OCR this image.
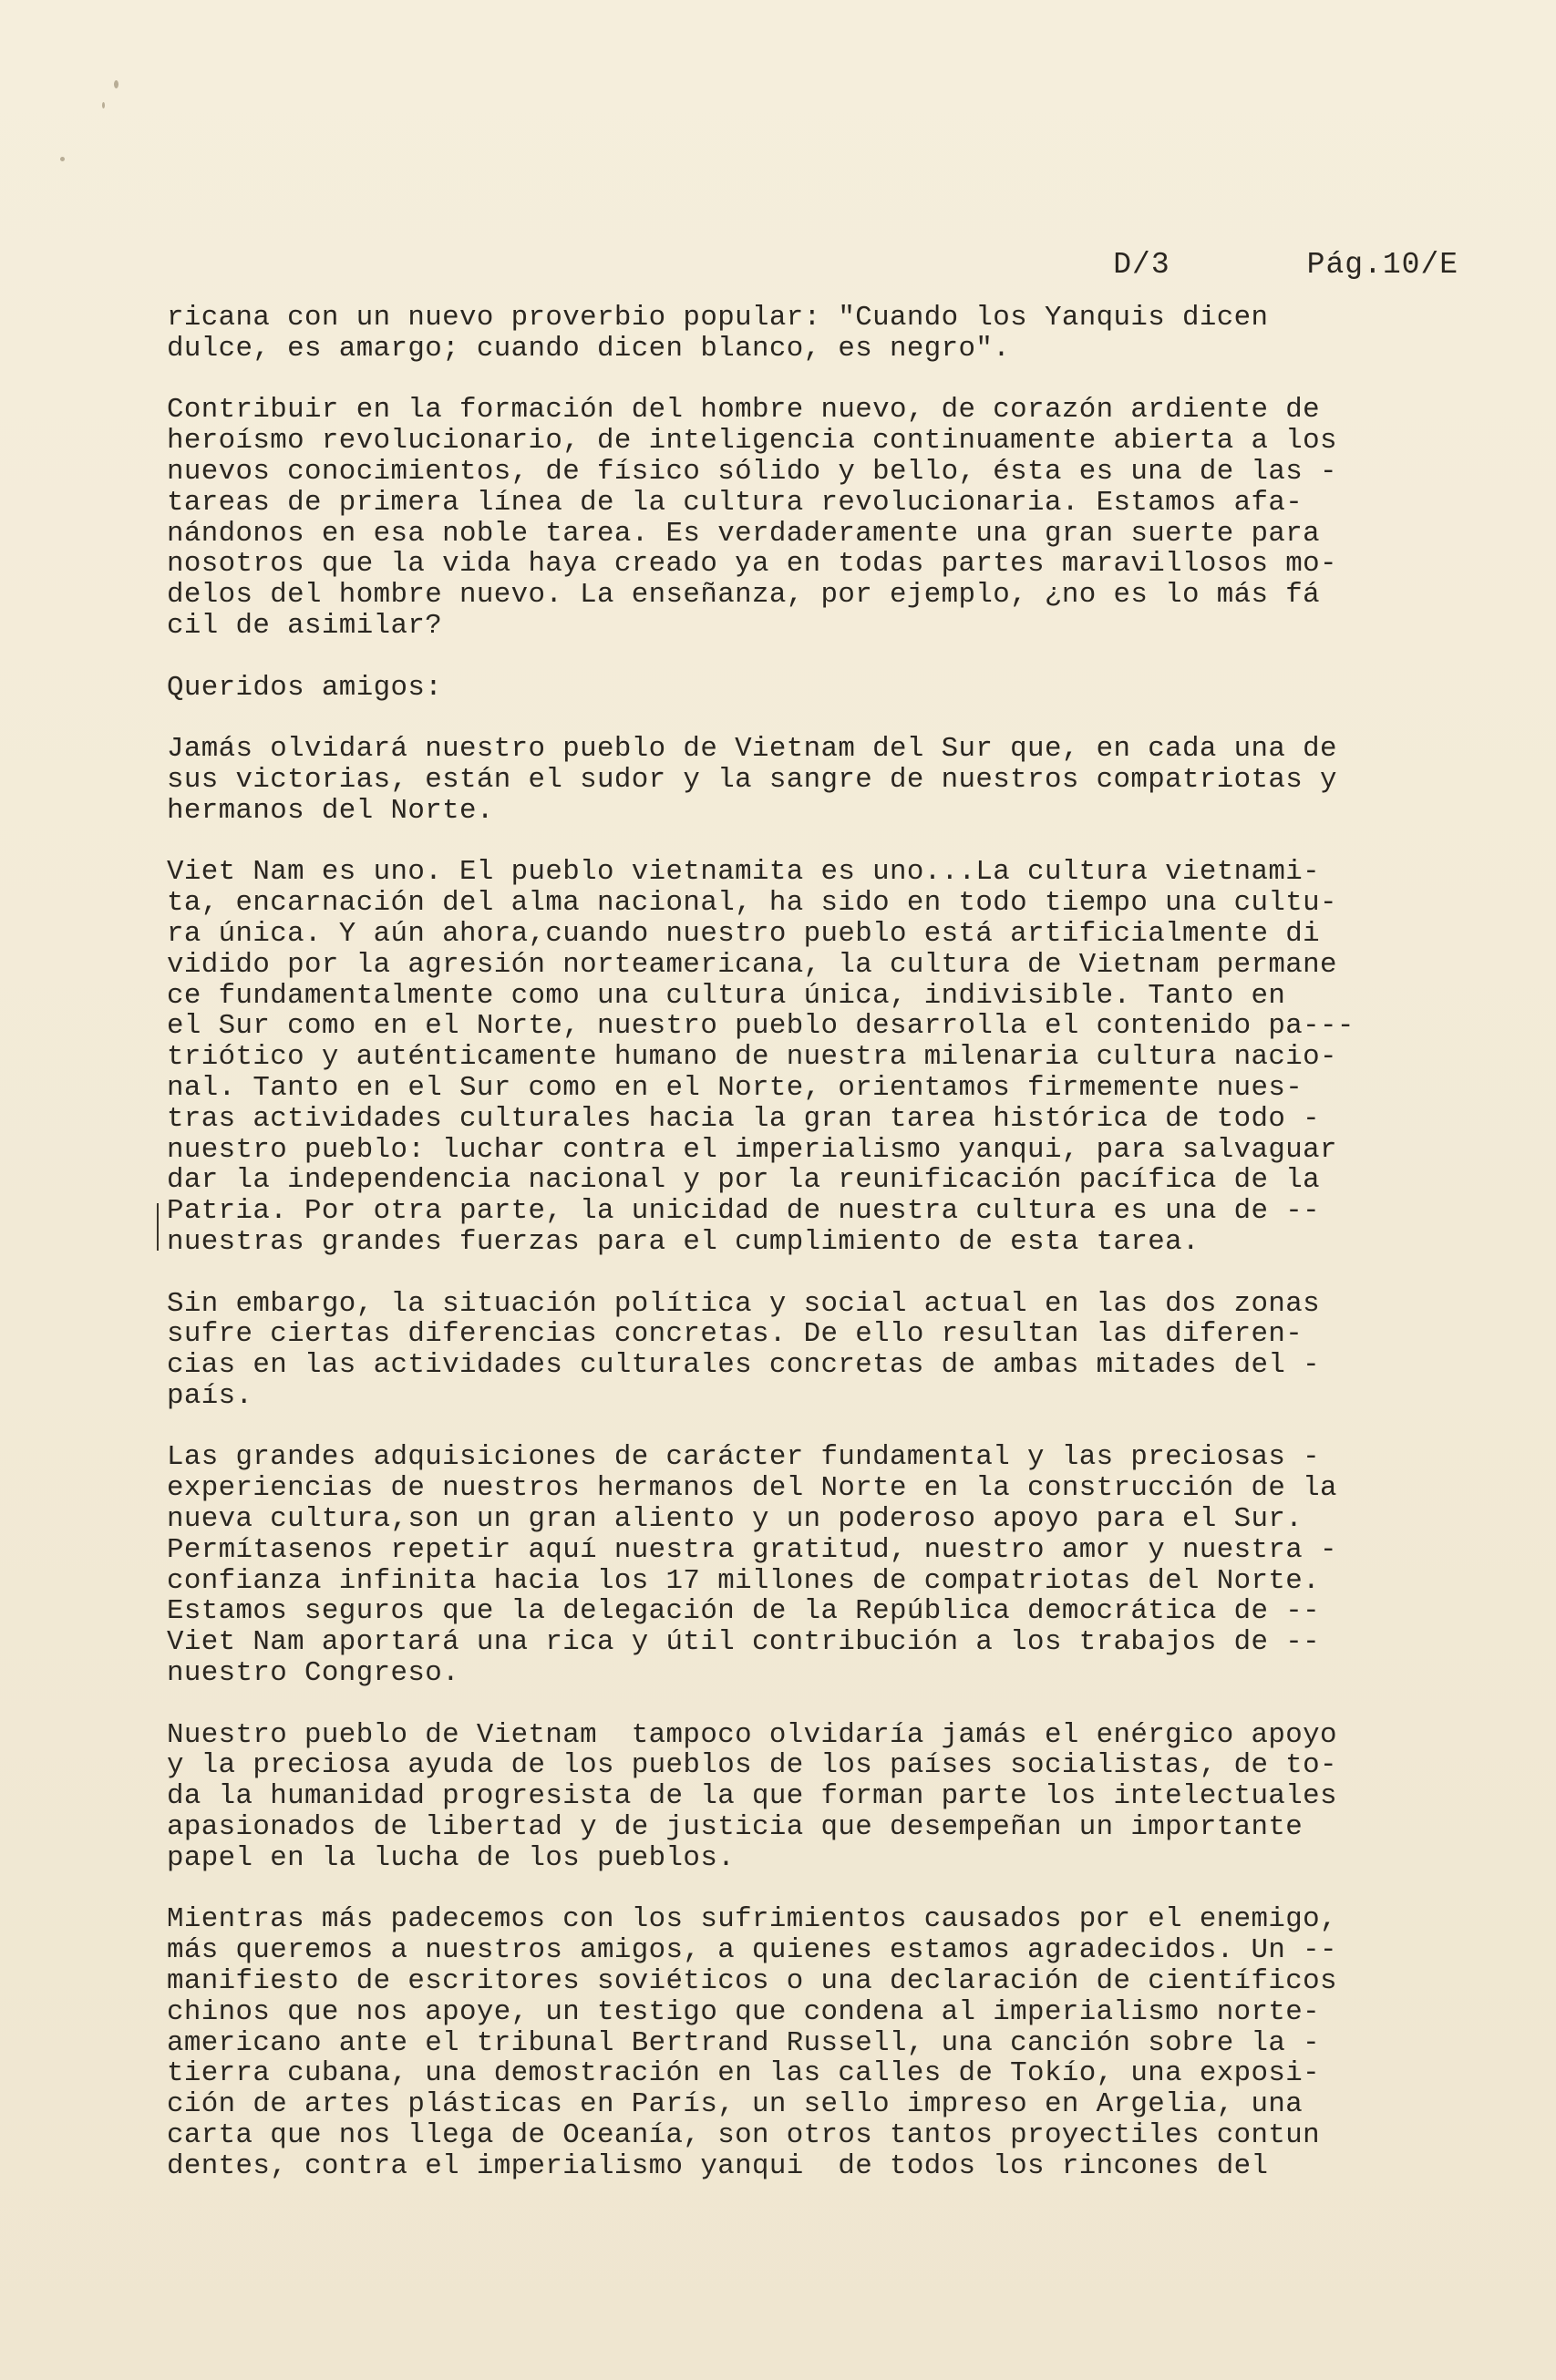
D/3	Pág.10/E

ricana con un nuevo proverbio popular: "Cuando los Yanquis dicen
dulce, es amargo; cuando dicen blanco, es negro".
Contribuir en la formación del hombre nuevo, de corazón ardiente de
heroísmo revolucionario, de inteligencia continuamente abierta a los
nuevos conocimientos, de físico sólido y bello, ésta es una de las -
tareas de primera línea de la cultura revolucionaria. Estamos afa-
nándonos en esa noble tarea. Es verdaderamente una gran suerte para
nosotros que la vida haya creado ya en todas partes maravillosos mo-
delos del hombre nuevo. La enseñanza, por ejemplo, ¿no es lo más fá
cil de asimilar?
Queridos amigos:
Jamás olvidará nuestro pueblo de Vietnam del Sur que, en cada una de
sus victorias, están el sudor y la sangre de nuestros compatriotas y
hermanos del Norte.
Viet Nam es uno. El pueblo vietnamita es uno...La cultura vietnami-
ta, encarnación del alma nacional, ha sido en todo tiempo una cultu-
ra única. Y aún ahora,cuando nuestro pueblo está artificialmente di
vidido por la agresión norteamericana, la cultura de Vietnam permane
ce fundamentalmente como una cultura única, indivisible. Tanto en
el Sur como en el Norte, nuestro pueblo desarrolla el contenido pa---
triótico y auténticamente humano de nuestra milenaria cultura nacio-
nal. Tanto en el Sur como en el Norte, orientamos firmemente nues-
tras actividades culturales hacia la gran tarea histórica de todo -
nuestro pueblo: luchar contra el imperialismo yanqui, para salvaguar
dar la independencia nacional y por la reunificación pacífica de la
Patria. Por otra parte, la unicidad de nuestra cultura es una de --
nuestras grandes fuerzas para el cumplimiento de esta tarea.
Sin embargo, la situación política y social actual en las dos zonas
sufre ciertas diferencias concretas. De ello resultan las diferen-
cias en las actividades culturales concretas de ambas mitades del -
país.
Las grandes adquisiciones de carácter fundamental y las preciosas -
experiencias de nuestros hermanos del Norte en la construcción de la
nueva cultura,son un gran aliento y un poderoso apoyo para el Sur.
Permítasenos repetir aquí nuestra gratitud, nuestro amor y nuestra -
confianza infinita hacia los 17 millones de compatriotas del Norte.
Estamos seguros que la delegación de la República democrática de --
Viet Nam aportará una rica y útil contribución a los trabajos de --
nuestro Congreso.
Nuestro pueblo de Vietnam  tampoco olvidaría jamás el enérgico apoyo
y la preciosa ayuda de los pueblos de los países socialistas, de to-
da la humanidad progresista de la que forman parte los intelectuales
apasionados de libertad y de justicia que desempeñan un importante
papel en la lucha de los pueblos.
Mientras más padecemos con los sufrimientos causados por el enemigo,
más queremos a nuestros amigos, a quienes estamos agradecidos. Un --
manifiesto de escritores soviéticos o una declaración de científicos
chinos que nos apoye, un testigo que condena al imperialismo norte-
americano ante el tribunal Bertrand Russell, una canción sobre la -
tierra cubana, una demostración en las calles de Tokío, una exposi-
ción de artes plásticas en París, un sello impreso en Argelia, una
carta que nos llega de Oceanía, son otros tantos proyectiles contun
dentes, contra el imperialismo yanqui  de todos los rincones del
